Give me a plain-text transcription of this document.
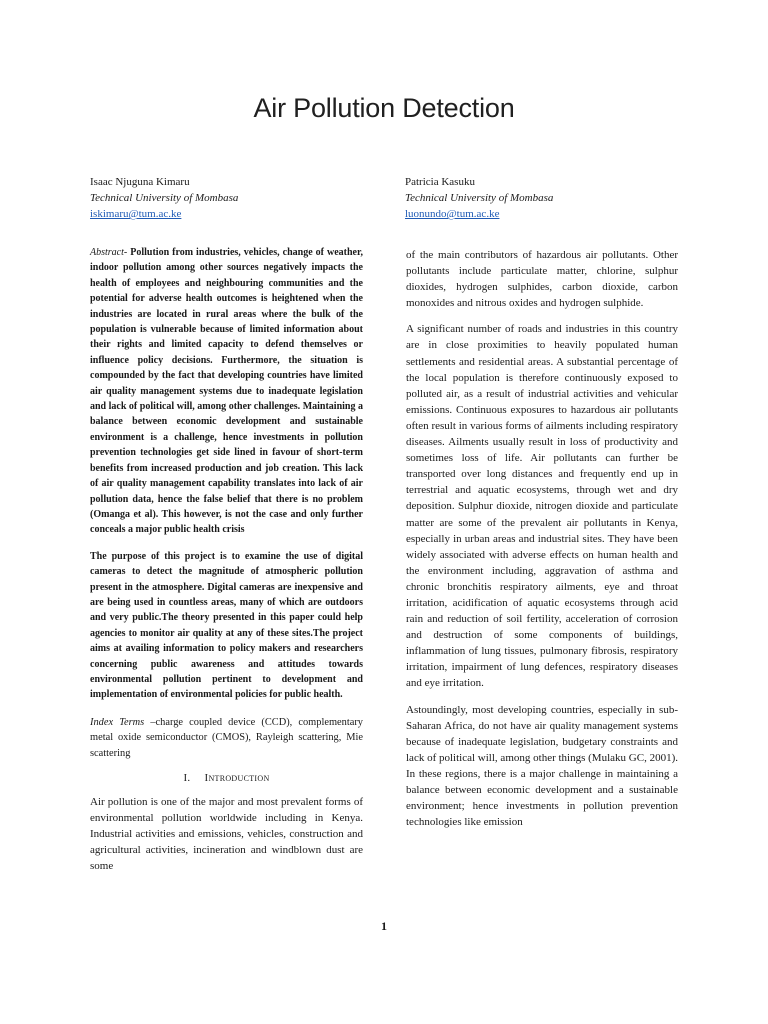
Air Pollution Detection
Isaac Njuguna Kimaru
Technical University of Mombasa
iskimaru@tum.ac.ke
Patricia Kasuku
Technical University of Mombasa
luonundo@tum.ac.ke

Abstract- Pollution from industries, vehicles, change of weather, indoor pollution among other sources negatively impacts the health of employees and neighbouring communities and the potential for adverse health outcomes is heightened when the industries are located in rural areas where the bulk of the population is vulnerable because of limited information about their rights and limited capacity to defend themselves or influence policy decisions. Furthermore, the situation is compounded by the fact that developing countries have limited air quality management systems due to inadequate legislation and lack of political will, among other challenges. Maintaining a balance between economic development and sustainable environment is a challenge, hence investments in pollution prevention technologies get side lined in favour of short-term benefits from increased production and job creation. This lack of air quality management capability translates into lack of air pollution data, hence the false belief that there is no problem (Omanga et al). This however, is not the case and only further conceals a major public health crisis

The purpose of this project is to examine the use of digital cameras to detect the magnitude of atmospheric pollution present in the atmosphere. Digital cameras are inexpensive and are being used in countless areas, many of which are outdoors and very public.The theory presented in this paper could help agencies to monitor air quality at any of these sites.The project aims at availing information to policy makers and researchers concerning public awareness and attitudes towards environmental pollution pertinent to development and implementation of environmental policies for public health.

Index Terms –charge coupled device (CCD), complementary metal oxide semiconductor (CMOS), Rayleigh scattering, Mie scattering

I. Introduction

Air pollution is one of the major and most prevalent forms of environmental pollution worldwide including in Kenya. Industrial activities and emissions, vehicles, construction and agricultural activities, incineration and windblown dust are some

of the main contributors of hazardous air pollutants. Other pollutants include particulate matter, chlorine, sulphur dioxides, hydrogen sulphides, carbon dioxide, carbon monoxides and nitrous oxides and hydrogen sulphide.

A significant number of roads and industries in this country are in close proximities to heavily populated human settlements and residential areas. A substantial percentage of the local population is therefore continuously exposed to polluted air, as a result of industrial activities and vehicular emissions. Continuous exposures to hazardous air pollutants often result in various forms of ailments including respiratory diseases. Ailments usually result in loss of productivity and sometimes loss of life. Air pollutants can further be transported over long distances and frequently end up in terrestrial and aquatic ecosystems, through wet and dry deposition. Sulphur dioxide, nitrogen dioxide and particulate matter are some of the prevalent air pollutants in Kenya, especially in urban areas and industrial sites. They have been widely associated with adverse effects on human health and the environment including, aggravation of asthma and chronic bronchitis respiratory ailments, eye and throat irritation, acidification of aquatic ecosystems through acid rain and reduction of soil fertility, acceleration of corrosion and destruction of some components of buildings, inflammation of lung tissues, pulmonary fibrosis, respiratory irritation, impairment of lung defences, respiratory diseases and eye irritation.

Astoundingly, most developing countries, especially in sub-Saharan Africa, do not have air quality management systems because of inadequate legislation, budgetary constraints and lack of political will, among other things (Mulaku GC, 2001). In these regions, there is a major challenge in maintaining a balance between economic development and a sustainable environment; hence investments in pollution prevention technologies like emission

1
